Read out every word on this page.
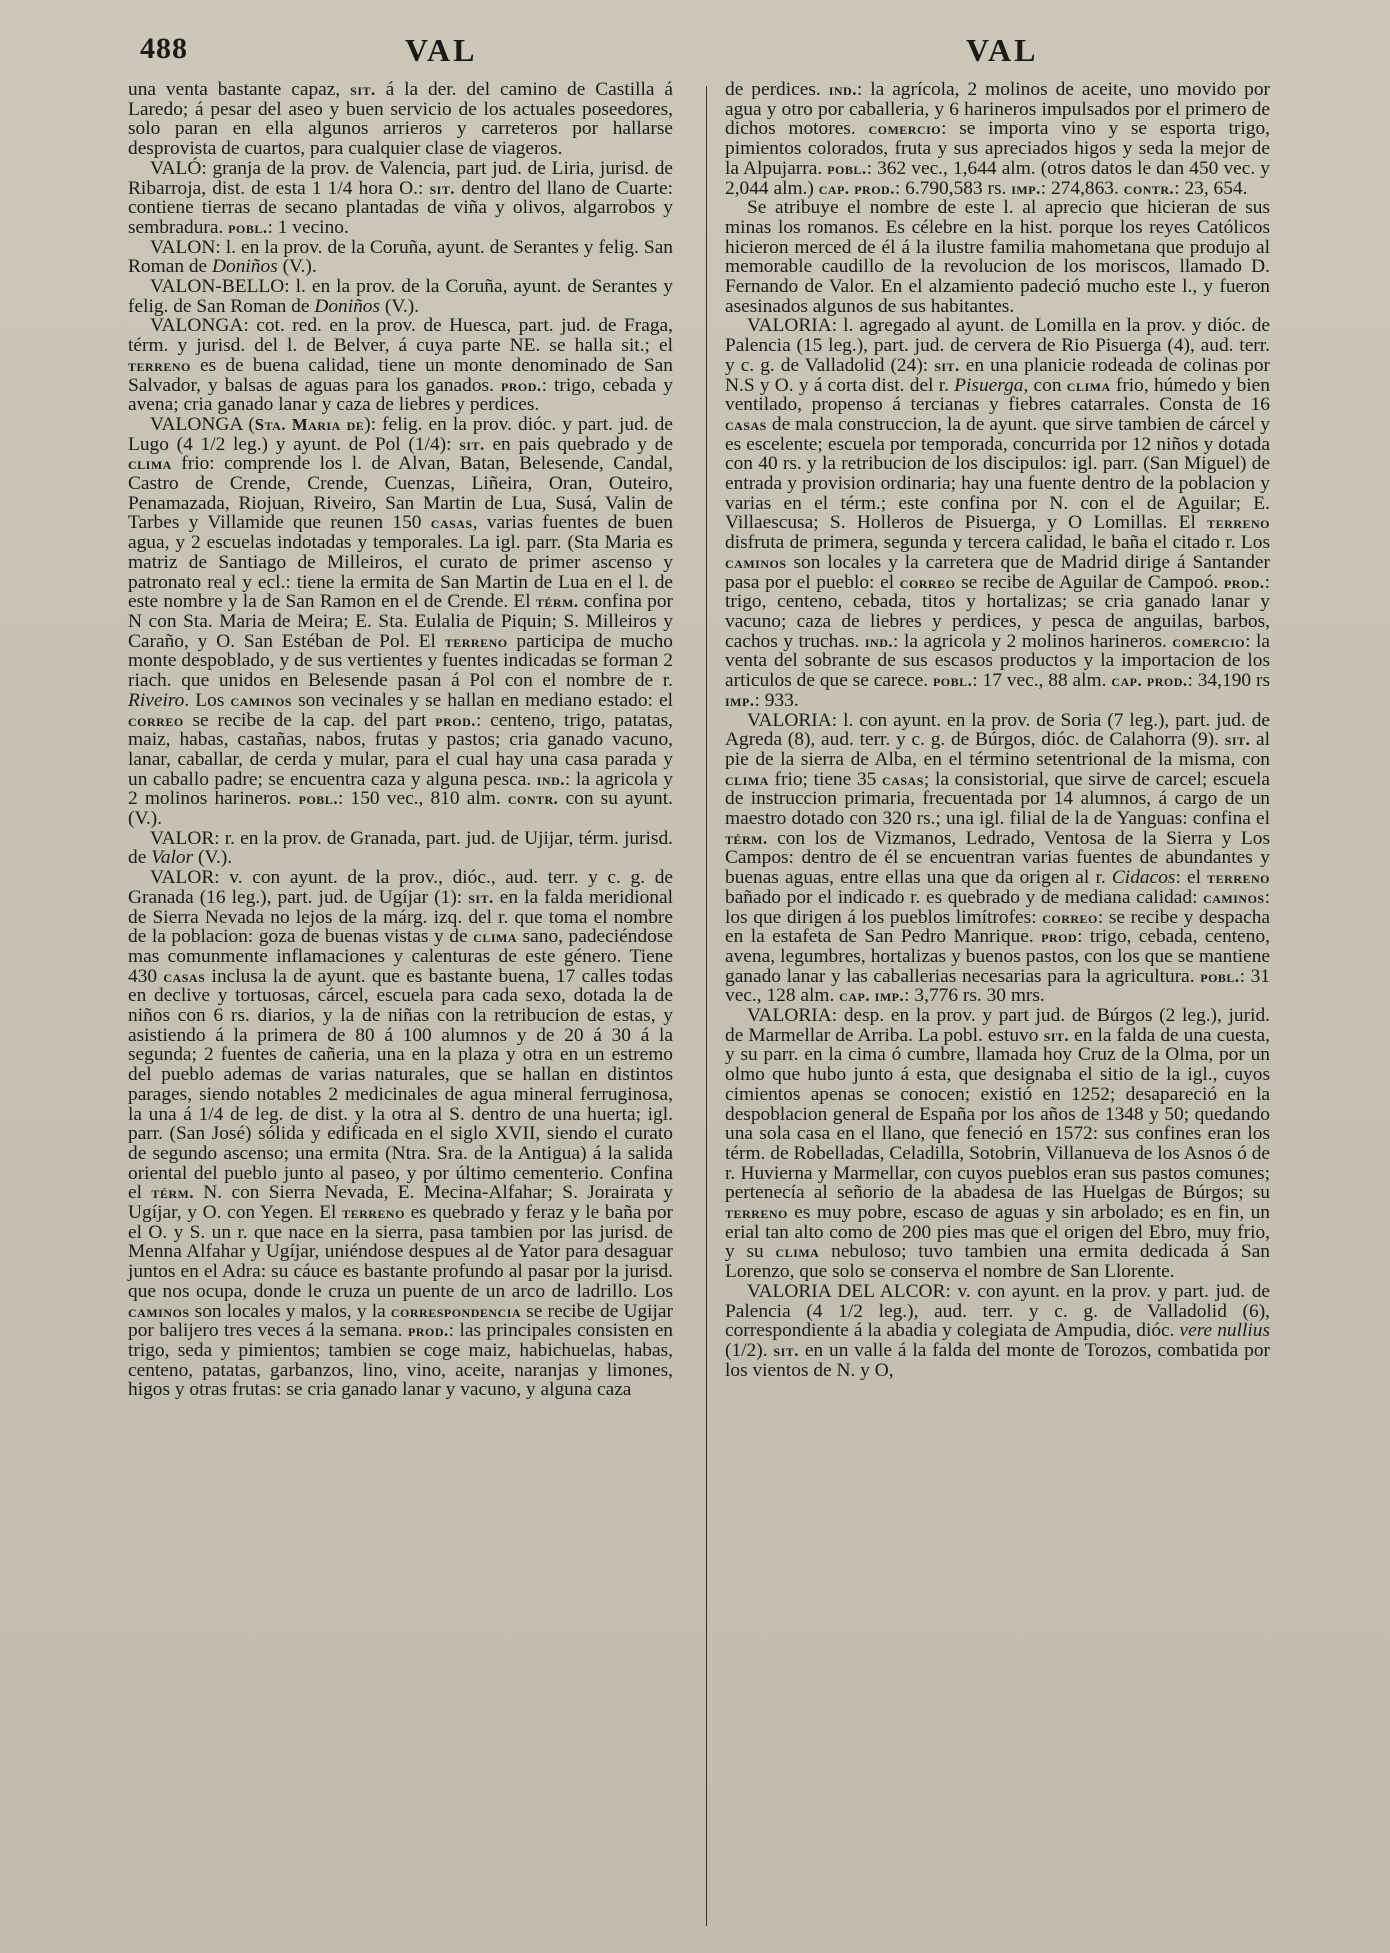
488	VAL	VAL

una venta bastante capaz, sit. á la der. del camino de Castilla á Laredo; á pesar del aseo y buen servicio de los actuales poseedores, solo paran en ella algunos arrieros y carreteros por hallarse desprovista de cuartos, para cualquier clase de viageros.

VALÓ: granja de la prov. de Valencia, part jud. de Liria, jurisd. de Ribarroja, dist. de esta 1 1/4 hora O.: sit. dentro del llano de Cuarte: contiene tierras de secano plantadas de viña y olivos, algarrobos y sembradura. pobl.: 1 vecino.

VALON: l. en la prov. de la Coruña, ayunt. de Serantes y felig. San Roman de Doniños (V.).

VALON-BELLO: l. en la prov. de la Coruña, ayunt. de Serantes y felig. de San Roman de Doniños (V.).

VALONGA: cot. red. en la prov. de Huesca, part. jud. de Fraga, térm. y jurisd. del l. de Belver, á cuya parte NE. se halla sit.; el terreno es de buena calidad, tiene un monte denominado de San Salvador, y balsas de aguas para los ganados. prod.: trigo, cebada y avena; cria ganado lanar y caza de liebres y perdices.

VALONGA (Sta. Maria de): felig. en la prov. dióc. y part. jud. de Lugo (4 1/2 leg.) y ayunt. de Pol (1/4): sit. en pais quebrado y de clima frio: comprende los l. de Alvan, Batan, Belesende, Candal, Castro de Crende, Crende, Cuenzas, Liñeira, Oran, Outeiro, Penamazada, Riojuan, Riveiro, San Martin de Lua, Susá, Valin de Tarbes y Villamide que reunen 150 casas, varias fuentes de buen agua, y 2 escuelas indotadas y temporales. La igl. parr. (Sta Maria es matriz de Santiago de Milleiros, el curato de primer ascenso y patronato real y ecl.: tiene la ermita de San Martin de Lua en el l. de este nombre y la de San Ramon en el de Crende. El térm. confina por N con Sta. Maria de Meira; E. Sta. Eulalia de Piquin; S. Milleiros y Caraño, y O. San Estéban de Pol. El terreno participa de mucho monte despoblado, y de sus vertientes y fuentes indicadas se forman 2 riach. que unidos en Belesende pasan á Pol con el nombre de r. Riveiro. Los caminos son vecinales y se hallan en mediano estado: el correo se recibe de la cap. del part prod.: centeno, trigo, patatas, maiz, habas, castañas, nabos, frutas y pastos; cria ganado vacuno, lanar, caballar, de cerda y mular, para el cual hay una casa parada y un caballo padre; se encuentra caza y alguna pesca. ind.: la agricola y 2 molinos harineros. pobl.: 150 vec., 810 alm. contr. con su ayunt. (V.).

VALOR: r. en la prov. de Granada, part. jud. de Ujijar, térm. jurisd. de Valor (V.).

VALOR: v. con ayunt. de la prov., dióc., aud. terr. y c. g. de Granada (16 leg.), part. jud. de Ugíjar (1): sit. en la falda meridional de Sierra Nevada no lejos de la márg. izq. del r. que toma el nombre de la poblacion: goza de buenas vistas y de clima sano, padeciéndose mas comunmente inflamaciones y calenturas de este género. Tiene 430 casas inclusa la de ayunt. que es bastante buena, 17 calles todas en declive y tortuosas, cárcel, escuela para cada sexo, dotada la de niños con 6 rs. diarios, y la de niñas con la retribucion de estas, y asistiendo á la primera de 80 á 100 alumnos y de 20 á 30 á la segunda; 2 fuentes de cañeria, una en la plaza y otra en un estremo del pueblo ademas de varias naturales, que se hallan en distintos parages, siendo notables 2 medicinales de agua mineral ferruginosa, la una á 1/4 de leg. de dist. y la otra al S. dentro de una huerta; igl. parr. (San José) sólida y edificada en el siglo XVII, siendo el curato de segundo ascenso; una ermita (Ntra. Sra. de la Antigua) á la salida oriental del pueblo junto al paseo, y por último cementerio. Confina el térm. N. con Sierra Nevada, E. Mecina-Alfahar; S. Jorairata y Ugíjar, y O. con Yegen. El terreno es quebrado y feraz y le baña por el O. y S. un r. que nace en la sierra, pasa tambien por las jurisd. de Menna Alfahar y Ugíjar, uniéndose despues al de Yator para desaguar juntos en el Adra: su cáuce es bastante profundo al pasar por la jurisd. que nos ocupa, donde le cruza un puente de un arco de ladrillo. Los caminos son locales y malos, y la correspondencia se recibe de Ugijar por balijero tres veces á la semana. prod.: las principales consisten en trigo, seda y pimientos; tambien se coge maiz, habichuelas, habas, centeno, patatas, garbanzos, lino, vino, aceite, naranjas y limones, higos y otras frutas: se cria ganado lanar y vacuno, y alguna caza

de perdices. ind.: la agrícola, 2 molinos de aceite, uno movido por agua y otro por caballeria, y 6 harineros impulsados por el primero de dichos motores. comercio: se importa vino y se esporta trigo, pimientos colorados, fruta y sus apreciados higos y seda la mejor de la Alpujarra. pobl.: 362 vec., 1,644 alm. (otros datos le dan 450 vec. y 2,044 alm.) cap. prod.: 6.790,583 rs. imp.: 274,863. contr.: 23, 654.

Se atribuye el nombre de este l. al aprecio que hicieran de sus minas los romanos. Es célebre en la hist. porque los reyes Católicos hicieron merced de él á la ilustre familia mahometana que produjo al memorable caudillo de la revolucion de los moriscos, llamado D. Fernando de Valor. En el alzamiento padeció mucho este l., y fueron asesinados algunos de sus habitantes.

VALORIA: l. agregado al ayunt. de Lomilla en la prov. y dióc. de Palencia (15 leg.), part. jud. de cervera de Rio Pisuerga (4), aud. terr. y c. g. de Valladolid (24): sit. en una planicie rodeada de colinas por N.S y O. y á corta dist. del r. Pisuerga, con clima frio, húmedo y bien ventilado, propenso á tercianas y fiebres catarrales. Consta de 16 casas de mala construccion, la de ayunt. que sirve tambien de cárcel y es escelente; escuela por temporada, concurrida por 12 niños y dotada con 40 rs. y la retribucion de los discipulos: igl. parr. (San Miguel) de entrada y provision ordinaria; hay una fuente dentro de la poblacion y varias en el térm.; este confina por N. con el de Aguilar; E. Villaescusa; S. Holleros de Pisuerga, y O Lomillas. El terreno disfruta de primera, segunda y tercera calidad, le baña el citado r. Los caminos son locales y la carretera que de Madrid dirige á Santander pasa por el pueblo: el correo se recibe de Aguilar de Campoó. prod.: trigo, centeno, cebada, titos y hortalizas; se cria ganado lanar y vacuno; caza de liebres y perdices, y pesca de anguilas, barbos, cachos y truchas. ind.: la agricola y 2 molinos harineros. comercio: la venta del sobrante de sus escasos productos y la importacion de los articulos de que se carece. pobl.: 17 vec., 88 alm. cap. prod.: 34,190 rs imp.: 933.

VALORIA: l. con ayunt. en la prov. de Soria (7 leg.), part. jud. de Agreda (8), aud. terr. y c. g. de Búrgos, dióc. de Calahorra (9). sit. al pie de la sierra de Alba, en el término setentrional de la misma, con clima frio; tiene 35 casas; la consistorial, que sirve de carcel; escuela de instruccion primaria, frecuentada por 14 alumnos, á cargo de un maestro dotado con 320 rs.; una igl. filial de la de Yanguas: confina el térm. con los de Vizmanos, Ledrado, Ventosa de la Sierra y Los Campos: dentro de él se encuentran varias fuentes de abundantes y buenas aguas, entre ellas una que da origen al r. Cidacos: el terreno bañado por el indicado r. es quebrado y de mediana calidad: caminos: los que dirigen á los pueblos limítrofes: correo: se recibe y despacha en la estafeta de San Pedro Manrique. prod: trigo, cebada, centeno, avena, legumbres, hortalizas y buenos pastos, con los que se mantiene ganado lanar y las caballerias necesarias para la agricultura. pobl.: 31 vec., 128 alm. cap. imp.: 3,776 rs. 30 mrs.

VALORIA: desp. en la prov. y part jud. de Búrgos (2 leg.), jurid. de Marmellar de Arriba. La pobl. estuvo sit. en la falda de una cuesta, y su parr. en la cima ó cumbre, llamada hoy Cruz de la Olma, por un olmo que hubo junto á esta, que designaba el sitio de la igl., cuyos cimientos apenas se conocen; existió en 1252; desapareció en la despoblacion general de España por los años de 1348 y 50; quedando una sola casa en el llano, que feneció en 1572: sus confines eran los térm. de Robelladas, Celadilla, Sotobrin, Villanueva de los Asnos ó de r. Huvierna y Marmellar, con cuyos pueblos eran sus pastos comunes; pertenecía al señorio de la abadesa de las Huelgas de Búrgos; su terreno es muy pobre, escaso de aguas y sin arbolado; es en fin, un erial tan alto como de 200 pies mas que el origen del Ebro, muy frio, y su clima nebuloso; tuvo tambien una ermita dedicada á San Lorenzo, que solo se conserva el nombre de San Llorente.

VALORIA DEL ALCOR: v. con ayunt. en la prov. y part. jud. de Palencia (4 1/2 leg.), aud. terr. y c. g. de Valladolid (6), correspondiente á la abadia y colegiata de Ampudia, dióc. vere nullius (1/2). sit. en un valle á la falda del monte de Torozos, combatida por los vientos de N. y O,
